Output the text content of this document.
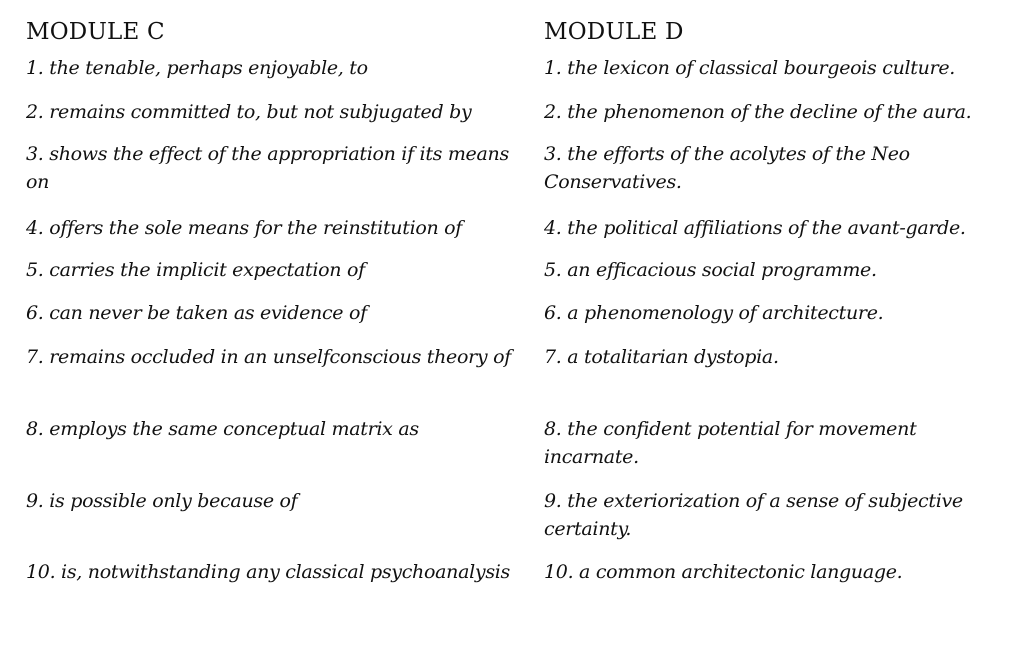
MODULE C
1. the tenable, perhaps enjoyable, to
2. remains committed to, but not subjugated by
3. shows the effect of the appropriation if its means on
4. offers the sole means for the reinstitution of
5. carries the implicit expectation of
6. can never be taken as evidence of
7. remains occluded in an unselfconscious theory of
8. employs the same conceptual matrix as
9. is possible only because of
10. is, notwithstanding any classical psychoanalysis
MODULE D
1. the lexicon of classical bourgeois culture.
2. the phenomenon of the decline of the aura.
3. the efforts of the acolytes of the Neo Conservatives.
4. the political affiliations of the avant-garde.
5. an efficacious social programme.
6. a phenomenology of architecture.
7. a totalitarian dystopia.
8. the confident potential for movement incarnate.
9. the exteriorization of a sense of subjective certainty.
10. a common architectonic language.
